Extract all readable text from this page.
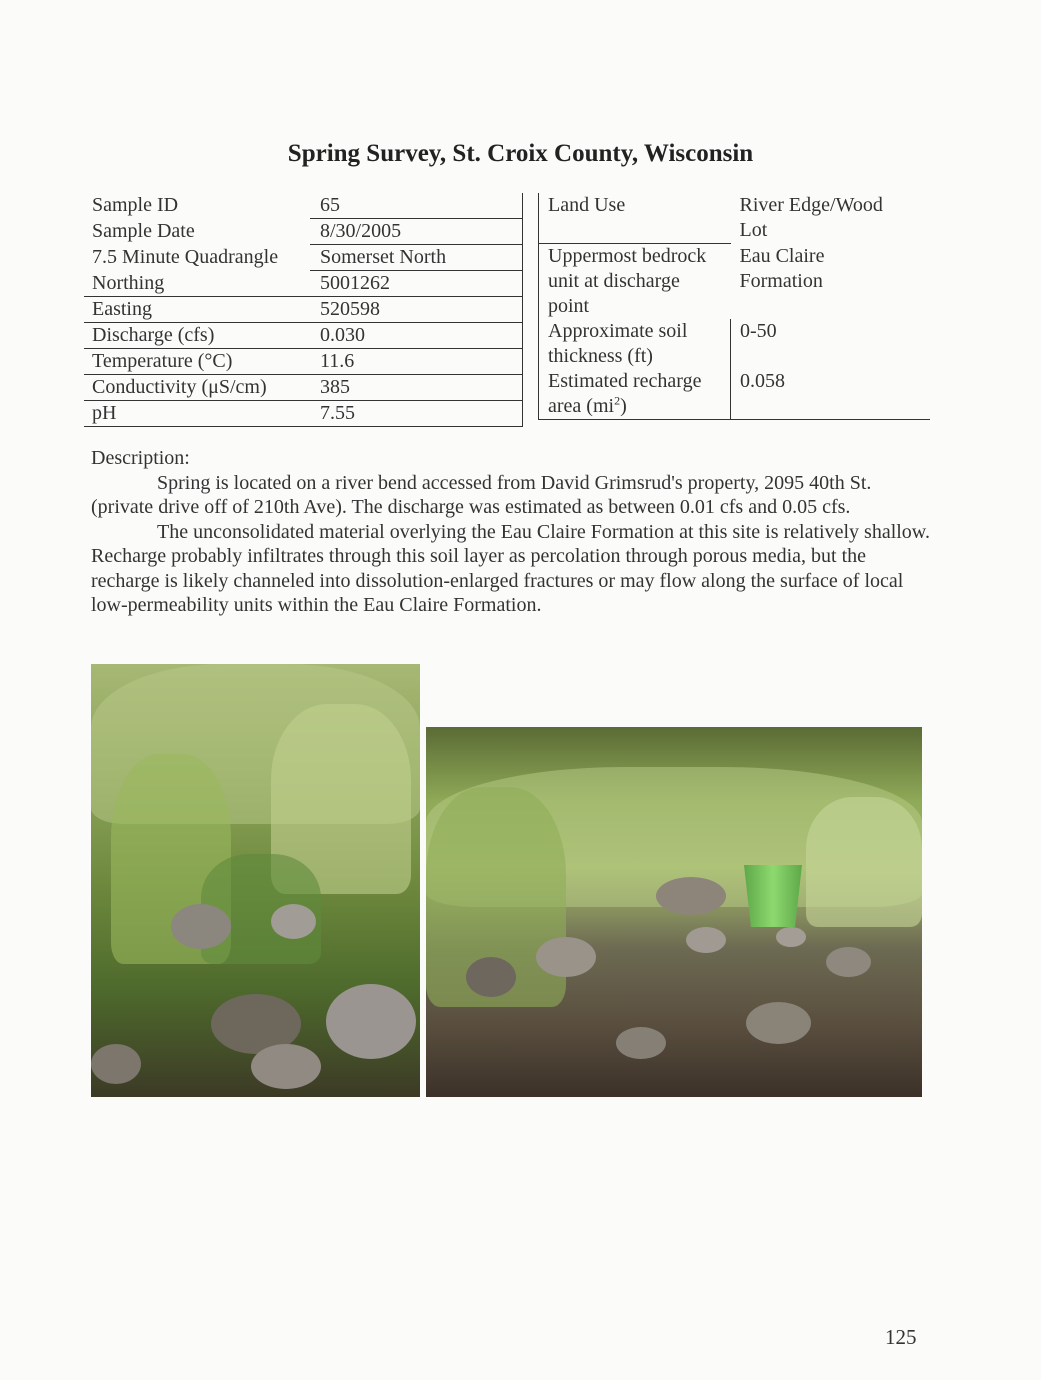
Spring Survey, St. Croix County, Wisconsin
Sample ID	65
Sample Date	8/30/2005
7.5 Minute Quadrangle	Somerset North
Northing	5001262
Easting	520598
Discharge (cfs)	0.030
Temperature (°C)	11.6
Conductivity (μS/cm)	385
pH	7.55
Land Use	River Edge/Wood
	Lot
Uppermost bedrock	Eau Claire
unit at discharge	Formation
point	
Approximate soil	0-50
thickness (ft)	
Estimated recharge	0.058
area $(mi^2)$	

Description:

Spring is located on a river bend accessed from David Grimsrud's property, 2095 40th St. (private drive off of 210th Ave). The discharge was estimated as between 0.01 cfs and 0.05 cfs.

The unconsolidated material overlying the Eau Claire Formation at this site is relatively shallow. Recharge probably infiltrates through this soil layer as percolation through porous media, but the recharge is likely channeled into dissolution-enlarged fractures or may flow along the surface of local low-permeability units within the Eau Claire Formation.

125
